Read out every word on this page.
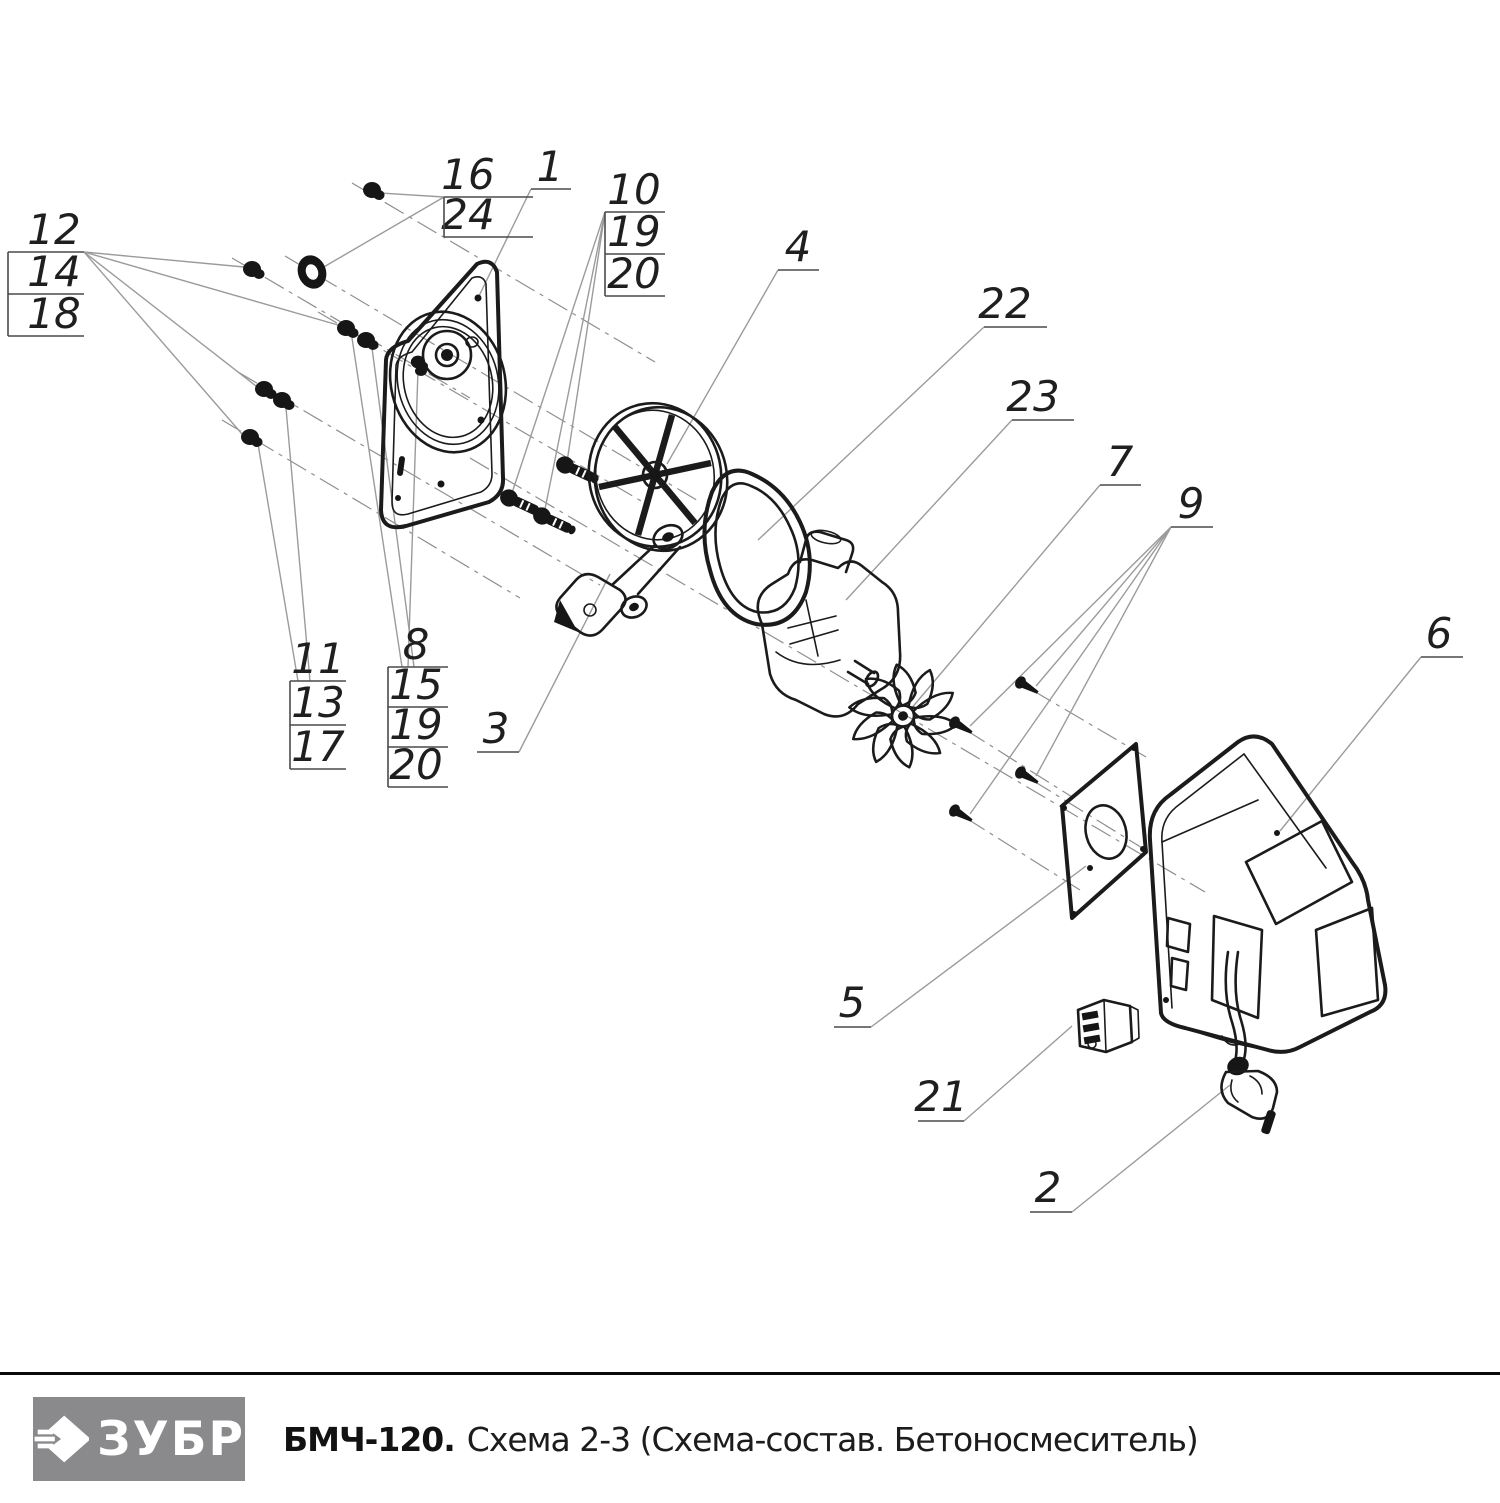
16
24
1 10
19
20
12
14
18
11
13
17
8
15
19
20
3
4
22
23
7
9
6
5
21
2
ЗУБР БМЧ-120. Схема 2-3 (Схема-состав. Бетоносмеситель)
